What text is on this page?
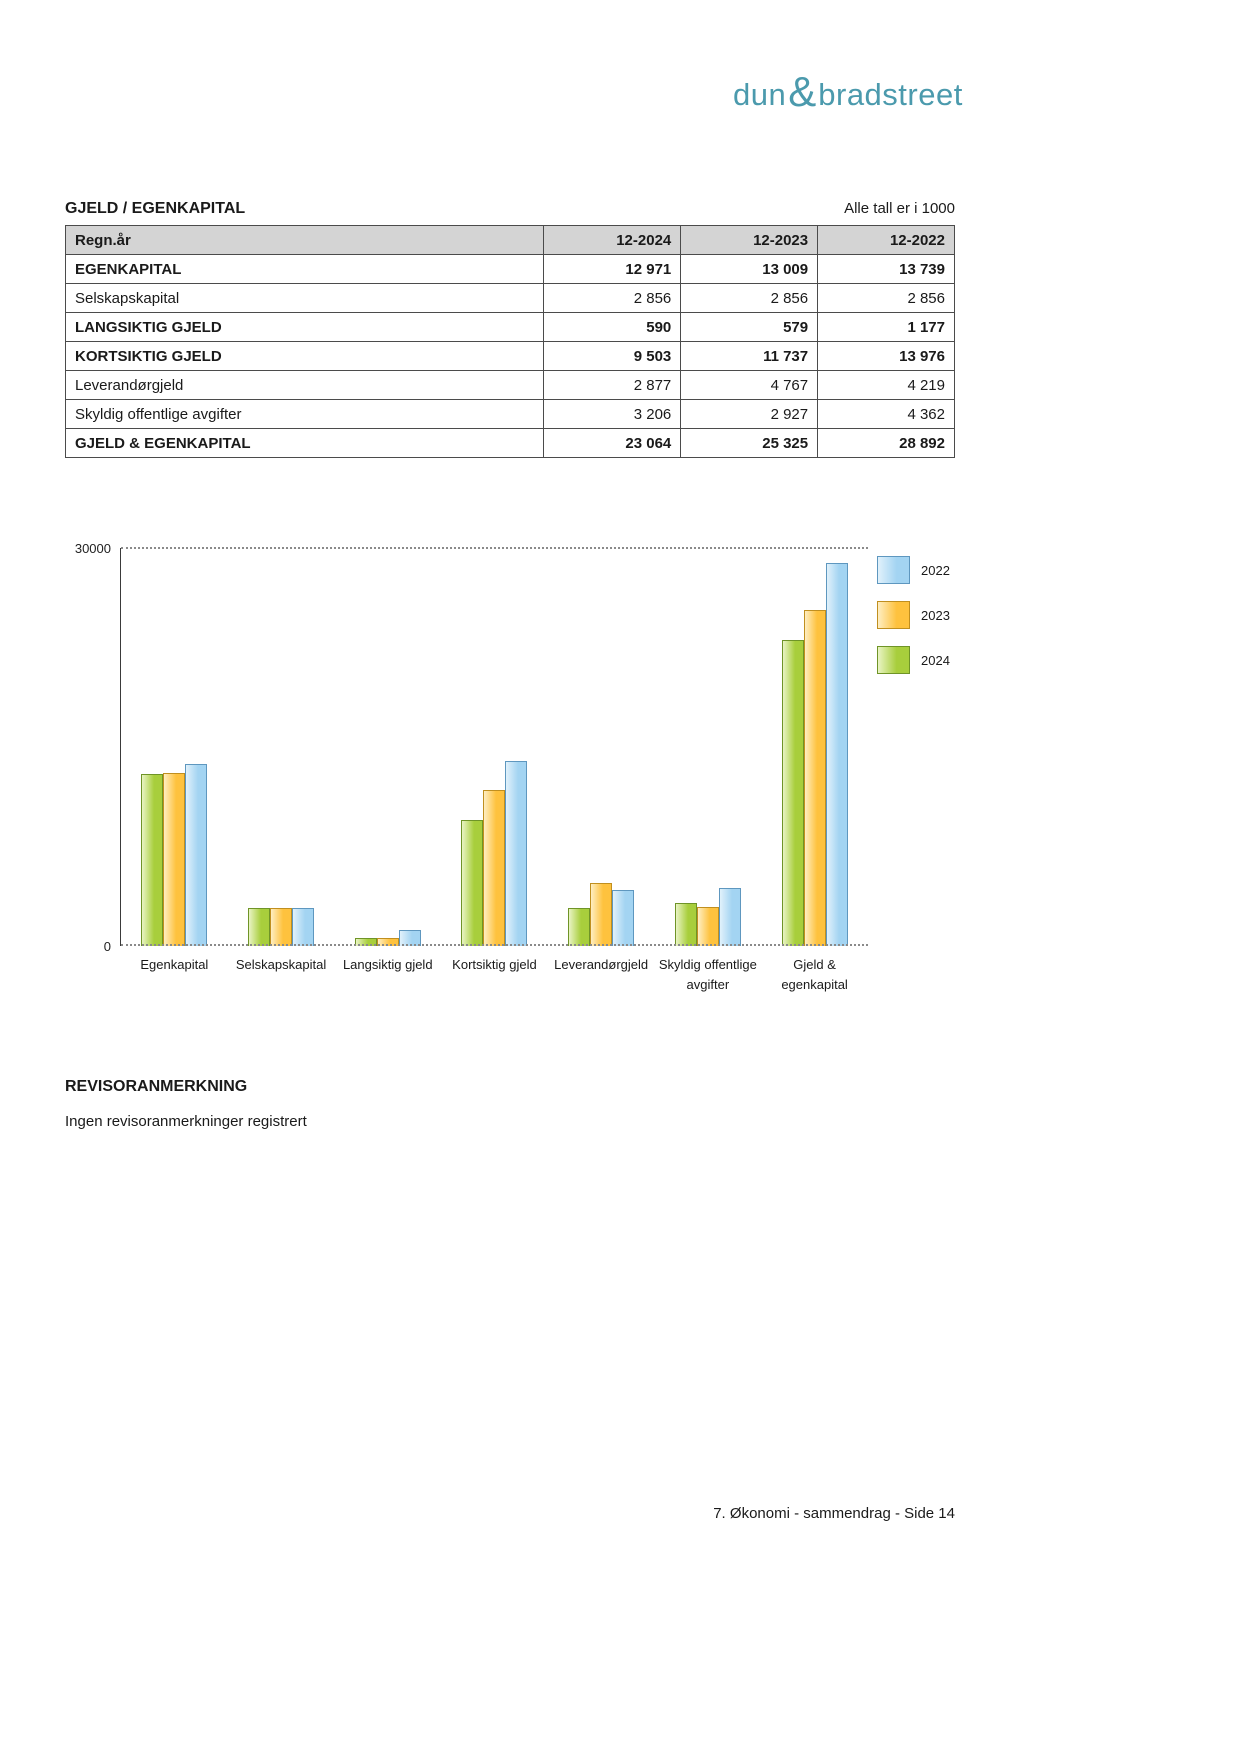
dun & bradstreet
GJELD / EGENKAPITAL	Alle tall er i 1000
Regn.år	12-2024	12-2023	12-2022
EGENKAPITAL	12 971	13 009	13 739
Selskapskapital	2 856	2 856	2 856
LANGSIKTIG GJELD	590	579	1 177
KORTSIKTIG GJELD	9 503	11 737	13 976
Leverandørgjeld	2 877	4 767	4 219
Skyldig offentlige avgifter	3 206	2 927	4 362
GJELD & EGENKAPITAL	23 064	25 325	28 892
30000
0
Egenkapital Selskapskapital Langsiktig gjeld Kortsiktig gjeld Leverandørgjeld Skyldig offentlige
avgifter
Gjeld &
egenkapital
2022
2023
2024
REVISORANMERKNING
Ingen revisoranmerkninger registrert
7. Økonomi - sammendrag - Side 14
